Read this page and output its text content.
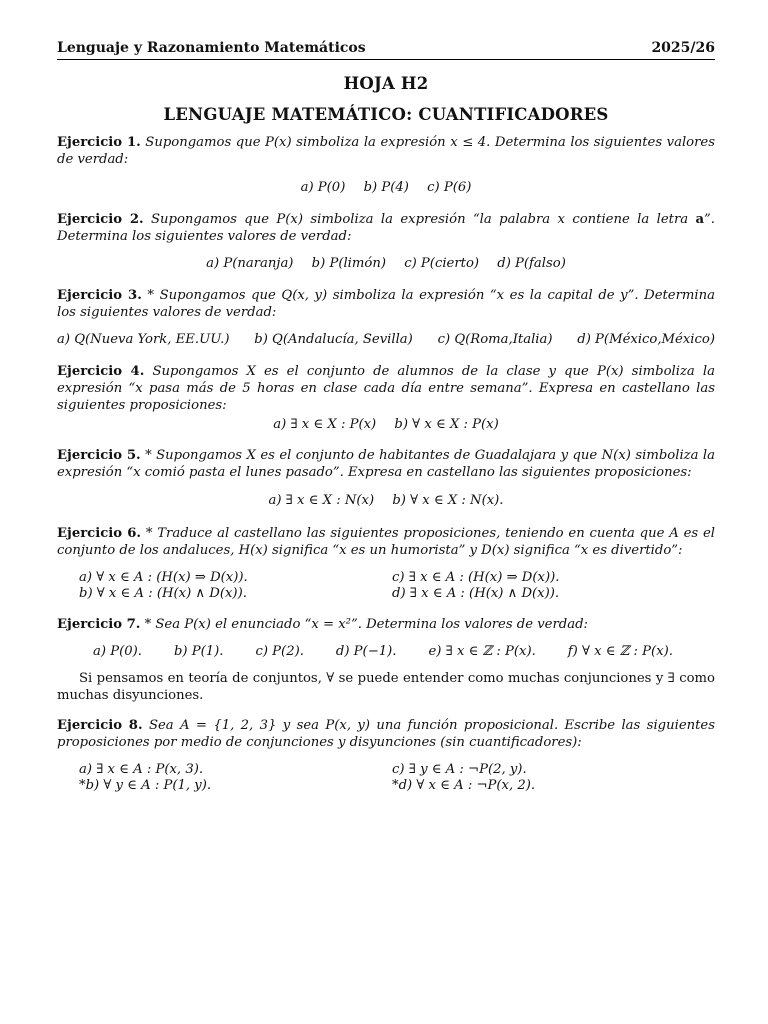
Lenguaje y Razonamiento Matemáticos	2025/26
HOJA H2
LENGUAJE MATEMÁTICO: CUANTIFICADORES
Ejercicio 1. Supongamos que P(x) simboliza la expresión x ≤ 4. Determina los siguientes valores de verdad:
a) P(0) b) P(4) c) P(6)
Ejercicio 2. Supongamos que P(x) simboliza la expresión “la palabra x contiene la letra a”. Determina los siguientes valores de verdad:
a) P(naranja) b) P(limón) c) P(cierto) d) P(falso)
Ejercicio 3. * Supongamos que Q(x, y) simboliza la expresión “x es la capital de y”. Determina los siguientes valores de verdad:
a) Q(Nueva York, EE.UU.) b) Q(Andalucía, Sevilla) c) Q(Roma,Italia) d) P(México,México)
Ejercicio 4. Supongamos X es el conjunto de alumnos de la clase y que P(x) simboliza la expresión “x pasa más de 5 horas en clase cada día entre semana”. Expresa en castellano las siguientes proposiciones:
a) ∃ x ∈ X : P(x) b) ∀ x ∈ X : P(x)
Ejercicio 5. * Supongamos X es el conjunto de habitantes de Guadalajara y que N(x) simboliza la expresión “x comió pasta el lunes pasado”. Expresa en castellano las siguientes proposiciones:
a) ∃ x ∈ X : N(x) b) ∀ x ∈ X : N(x).
Ejercicio 6. * Traduce al castellano las siguientes proposiciones, teniendo en cuenta que A es el conjunto de los andaluces, H(x) significa “x es un humorista” y D(x) significa “x es divertido”:
a) ∀ x ∈ A : (H(x) ⇒ D(x)).
b) ∀ x ∈ A : (H(x) ∧ D(x)).
c) ∃ x ∈ A : (H(x) ⇒ D(x)).
d) ∃ x ∈ A : (H(x) ∧ D(x)).
Ejercicio 7. * Sea P(x) el enunciado “x = x²”. Determina los valores de verdad:
a) P(0). b) P(1). c) P(2). d) P(−1). e) ∃ x ∈ ℤ : P(x). f) ∀ x ∈ ℤ : P(x).
Si pensamos en teoría de conjuntos, ∀ se puede entender como muchas conjunciones y ∃ como muchas disyunciones.
Ejercicio 8. Sea A = {1, 2, 3} y sea P(x, y) una función proposicional. Escribe las siguientes proposiciones por medio de conjunciones y disyunciones (sin cuantificadores):
a) ∃ x ∈ A : P(x, 3).
*b) ∀ y ∈ A : P(1, y).
c) ∃ y ∈ A : ¬P(2, y).
*d) ∀ x ∈ A : ¬P(x, 2).
